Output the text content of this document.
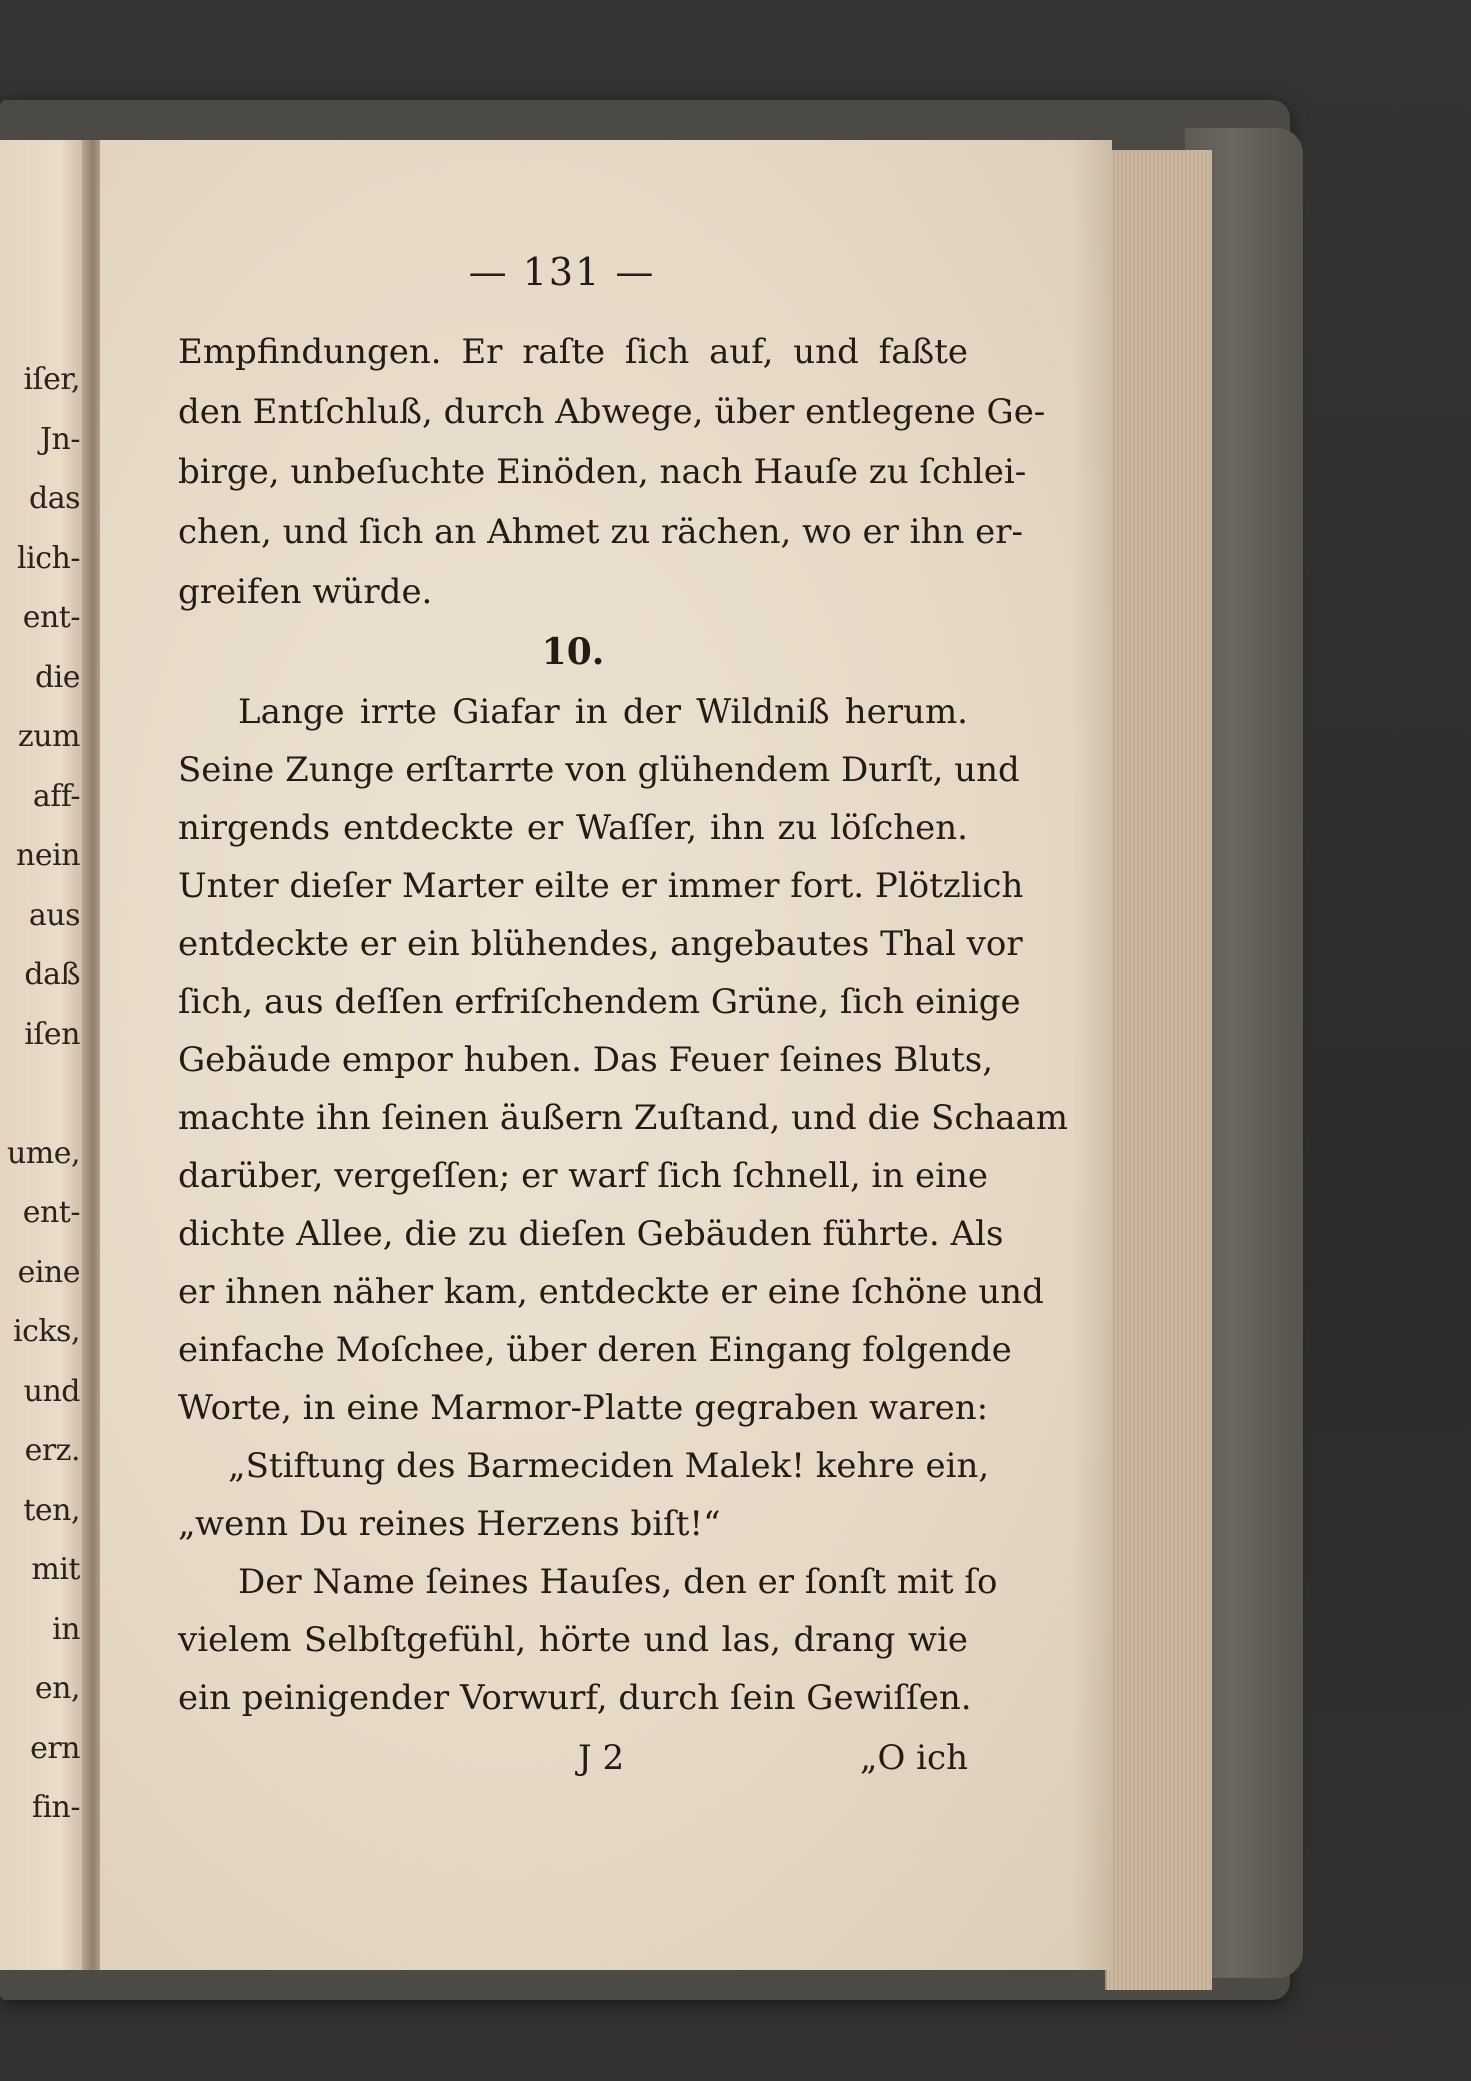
iſer,
Jn-
das
lich-
ent-
die
zum
aff-
nein
aus
daß
iſen
ume,
ent-
eine
icks,
und
erz.
ten,
mit
in
en,
ern
fin-
— 131 —
Empfindungen. Er raſte ſich auf, und faßte
den Entſchluß, durch Abwege, über entlegene Ge-
birge, unbeſuchte Einöden, nach Hauſe zu ſchlei-
chen, und ſich an Ahmet zu rächen, wo er ihn er-
greifen würde.
10.
Lange irrte Giafar in der Wildniß herum.
Seine Zunge erſtarrte von glühendem Durſt, und
nirgends entdeckte er Waſſer, ihn zu löſchen.
Unter dieſer Marter eilte er immer fort. Plötzlich
entdeckte er ein blühendes, angebautes Thal vor
ſich, aus deſſen erfriſchendem Grüne, ſich einige
Gebäude empor huben. Das Feuer ſeines Bluts,
machte ihn ſeinen äußern Zuſtand, und die Schaam
darüber, vergeſſen; er warf ſich ſchnell, in eine
dichte Allee, die zu dieſen Gebäuden führte. Als
er ihnen näher kam, entdeckte er eine ſchöne und
einfache Moſchee, über deren Eingang folgende
Worte, in eine Marmor-Platte gegraben waren:
„Stiftung des Barmeciden Malek! kehre ein,
„wenn Du reines Herzens biſt!“
Der Name ſeines Hauſes, den er ſonſt mit ſo
vielem Selbſtgefühl, hörte und las, drang wie
ein peinigender Vorwurf, durch ſein Gewiſſen.
J 2	„O ich
